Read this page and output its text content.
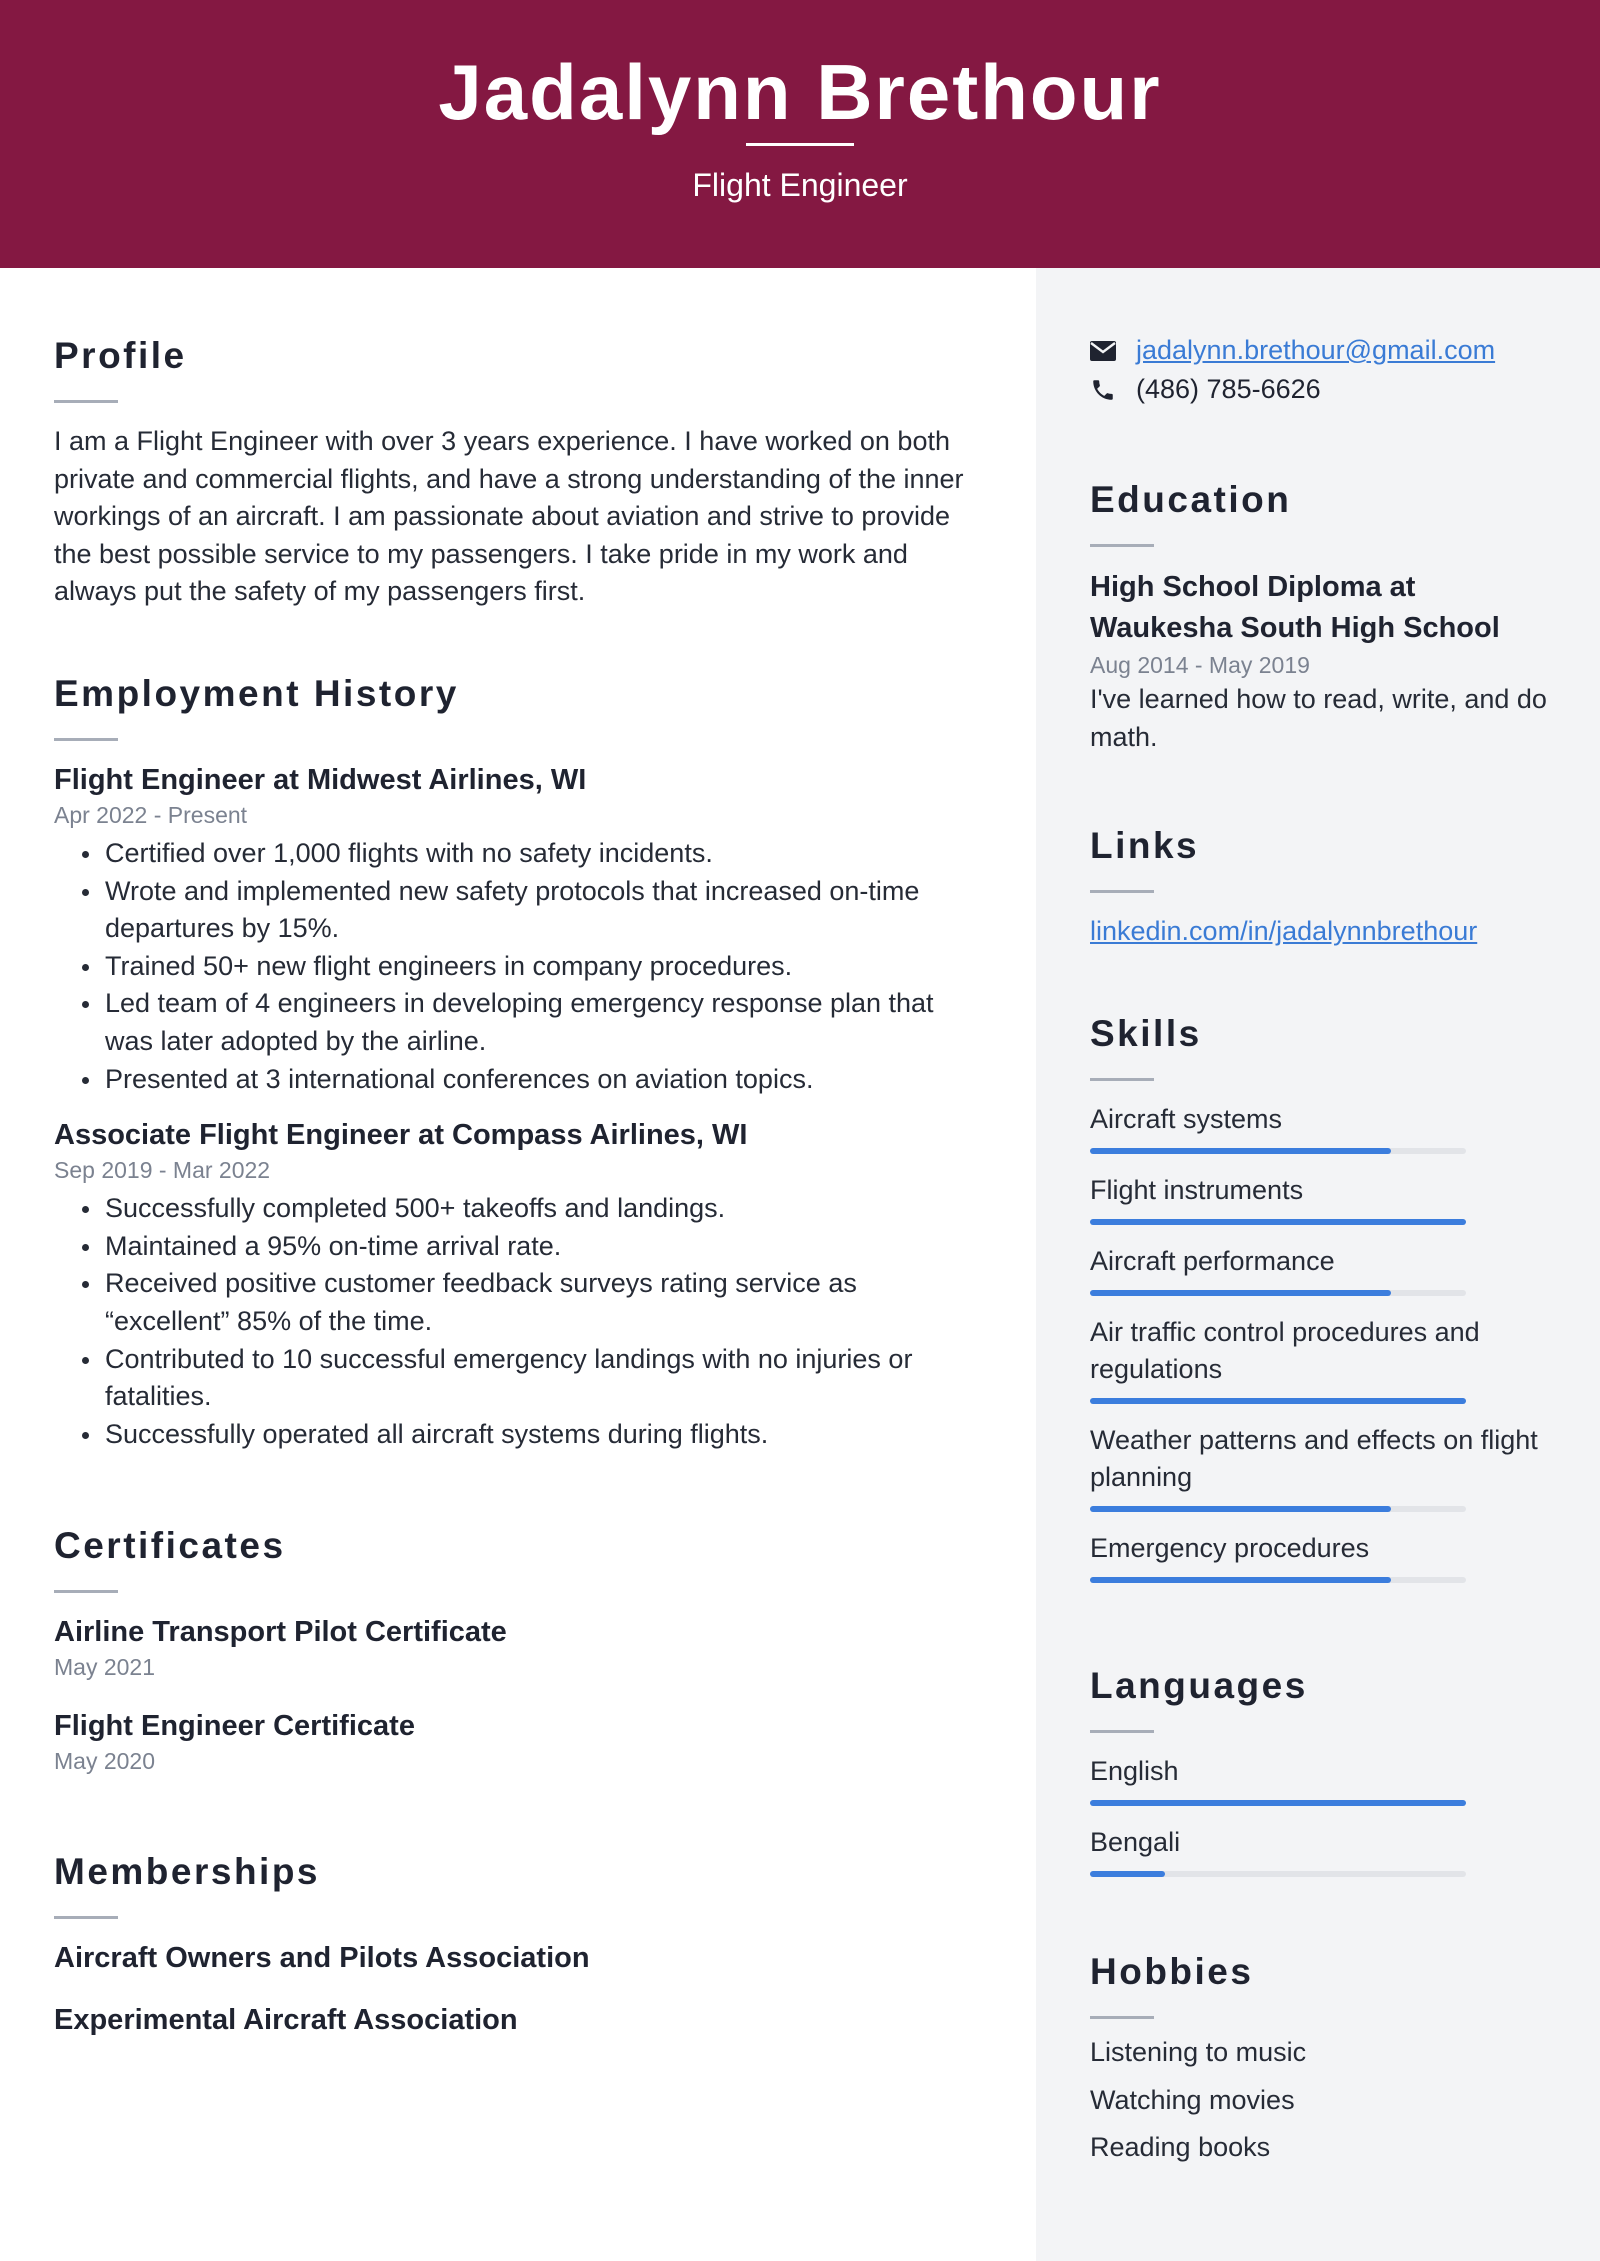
Jadalynn Brethour
Flight Engineer
Profile
I am a Flight Engineer with over 3 years experience. I have worked on both private and commercial flights, and have a strong understanding of the inner workings of an aircraft. I am passionate about aviation and strive to provide the best possible service to my passengers. I take pride in my work and always put the safety of my passengers first.
Employment History
Flight Engineer at Midwest Airlines, WI
Apr 2022 - Present
Certified over 1,000 flights with no safety incidents.
Wrote and implemented new safety protocols that increased on-time departures by 15%.
Trained 50+ new flight engineers in company procedures.
Led team of 4 engineers in developing emergency response plan that was later adopted by the airline.
Presented at 3 international conferences on aviation topics.
Associate Flight Engineer at Compass Airlines, WI
Sep 2019 - Mar 2022
Successfully completed 500+ takeoffs and landings.
Maintained a 95% on-time arrival rate.
Received positive customer feedback surveys rating service as “excellent” 85% of the time.
Contributed to 10 successful emergency landings with no injuries or fatalities.
Successfully operated all aircraft systems during flights.
Certificates
Airline Transport Pilot Certificate
May 2021
Flight Engineer Certificate
May 2020
Memberships
Aircraft Owners and Pilots Association
Experimental Aircraft Association
jadalynn.brethour@gmail.com
(486) 785-6626
Education
High School Diploma at Waukesha South High School
Aug 2014 - May 2019
I've learned how to read, write, and do math.
Links
linkedin.com/in/jadalynnbrethour
Skills
Aircraft systems
Flight instruments
Aircraft performance
Air traffic control procedures and regulations
Weather patterns and effects on flight planning
Emergency procedures
Languages
English
Bengali
Hobbies
Listening to music
Watching movies
Reading books
